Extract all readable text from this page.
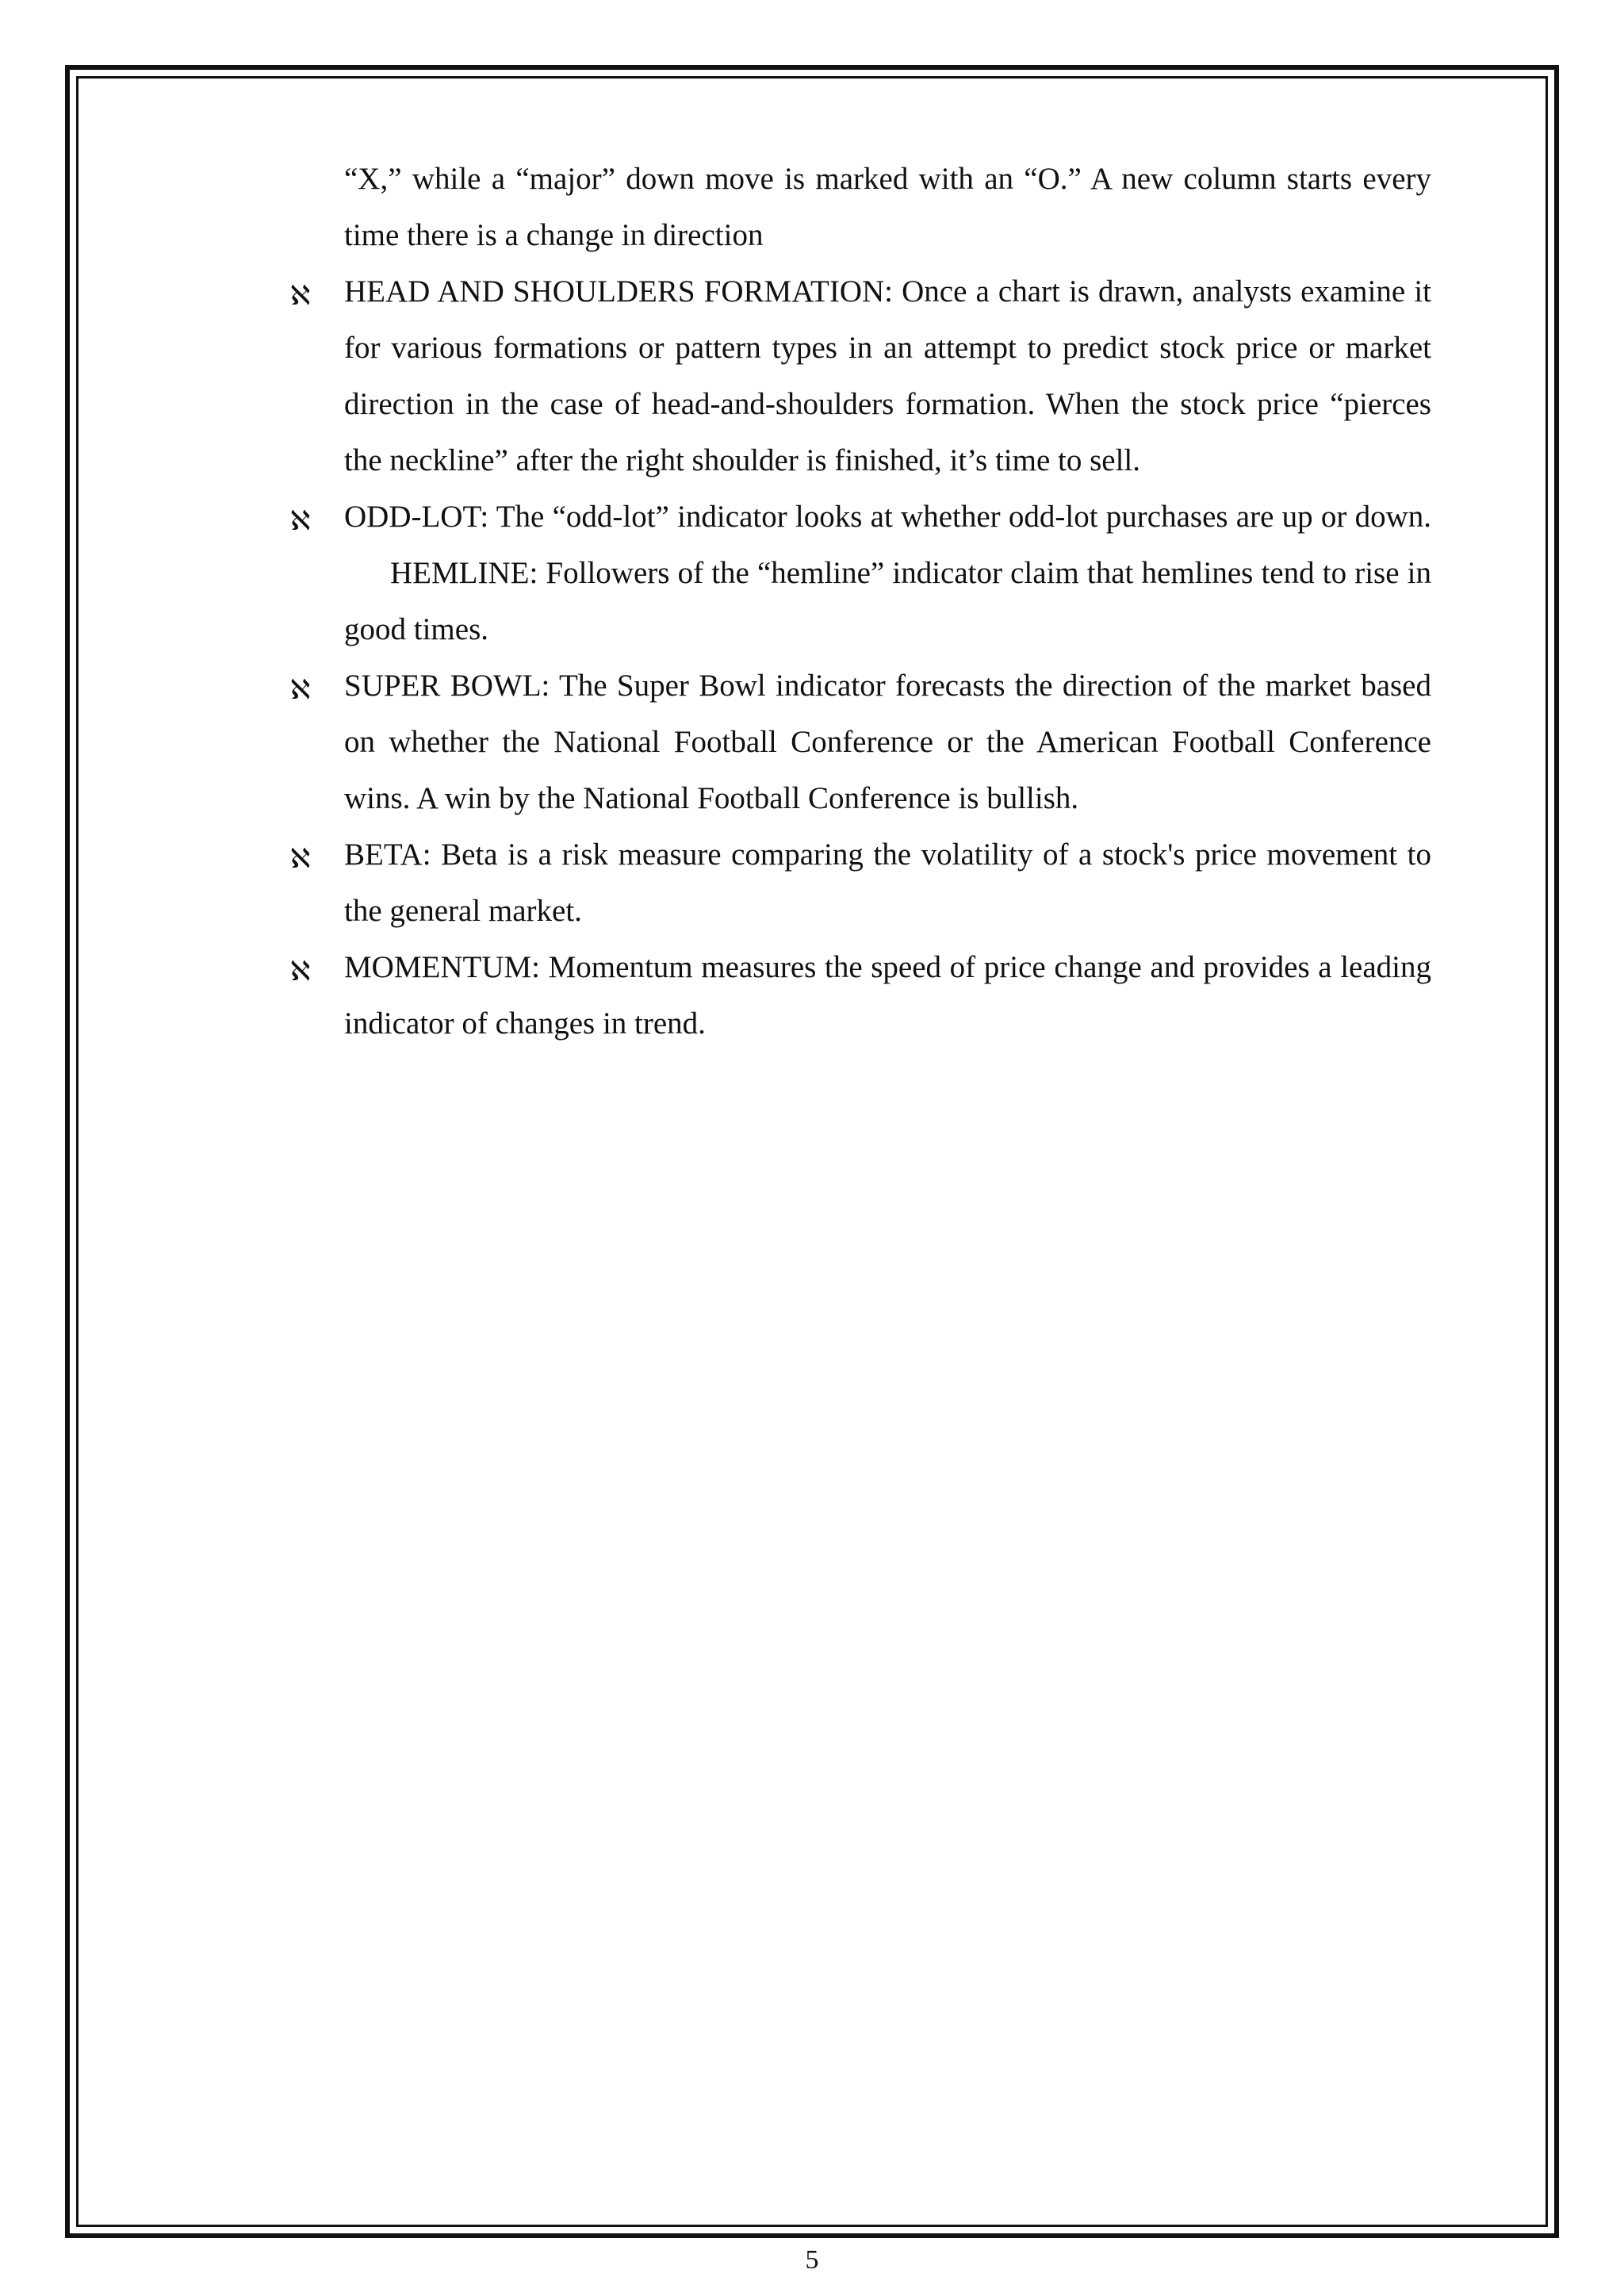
“X,” while a “major” down move is marked with an “O.” A new column starts every time there is a change in direction

ℵ HEAD AND SHOULDERS FORMATION: Once a chart is drawn, analysts examine it for various formations or pattern types in an attempt to predict stock price or market direction in the case of head-and-shoulders formation. When the stock price “pierces the neckline” after the right shoulder is finished, it’s time to sell.

ℵ ODD-LOT: The “odd-lot” indicator looks at whether odd-lot purchases are up or down.HEMLINE: Followers of the “hemline” indicator claim that hemlines tend to rise in good times.

ℵ SUPER BOWL: The Super Bowl indicator forecasts the direction of the market based on whether the National Football Conference or the American Football Conference wins. A win by the National Football Conference is bullish.

ℵ BETA: Beta is a risk measure comparing the volatility of a stock's price movement to the general market.

ℵ MOMENTUM: Momentum measures the speed of price change and provides a leading indicator of changes in trend.

5
